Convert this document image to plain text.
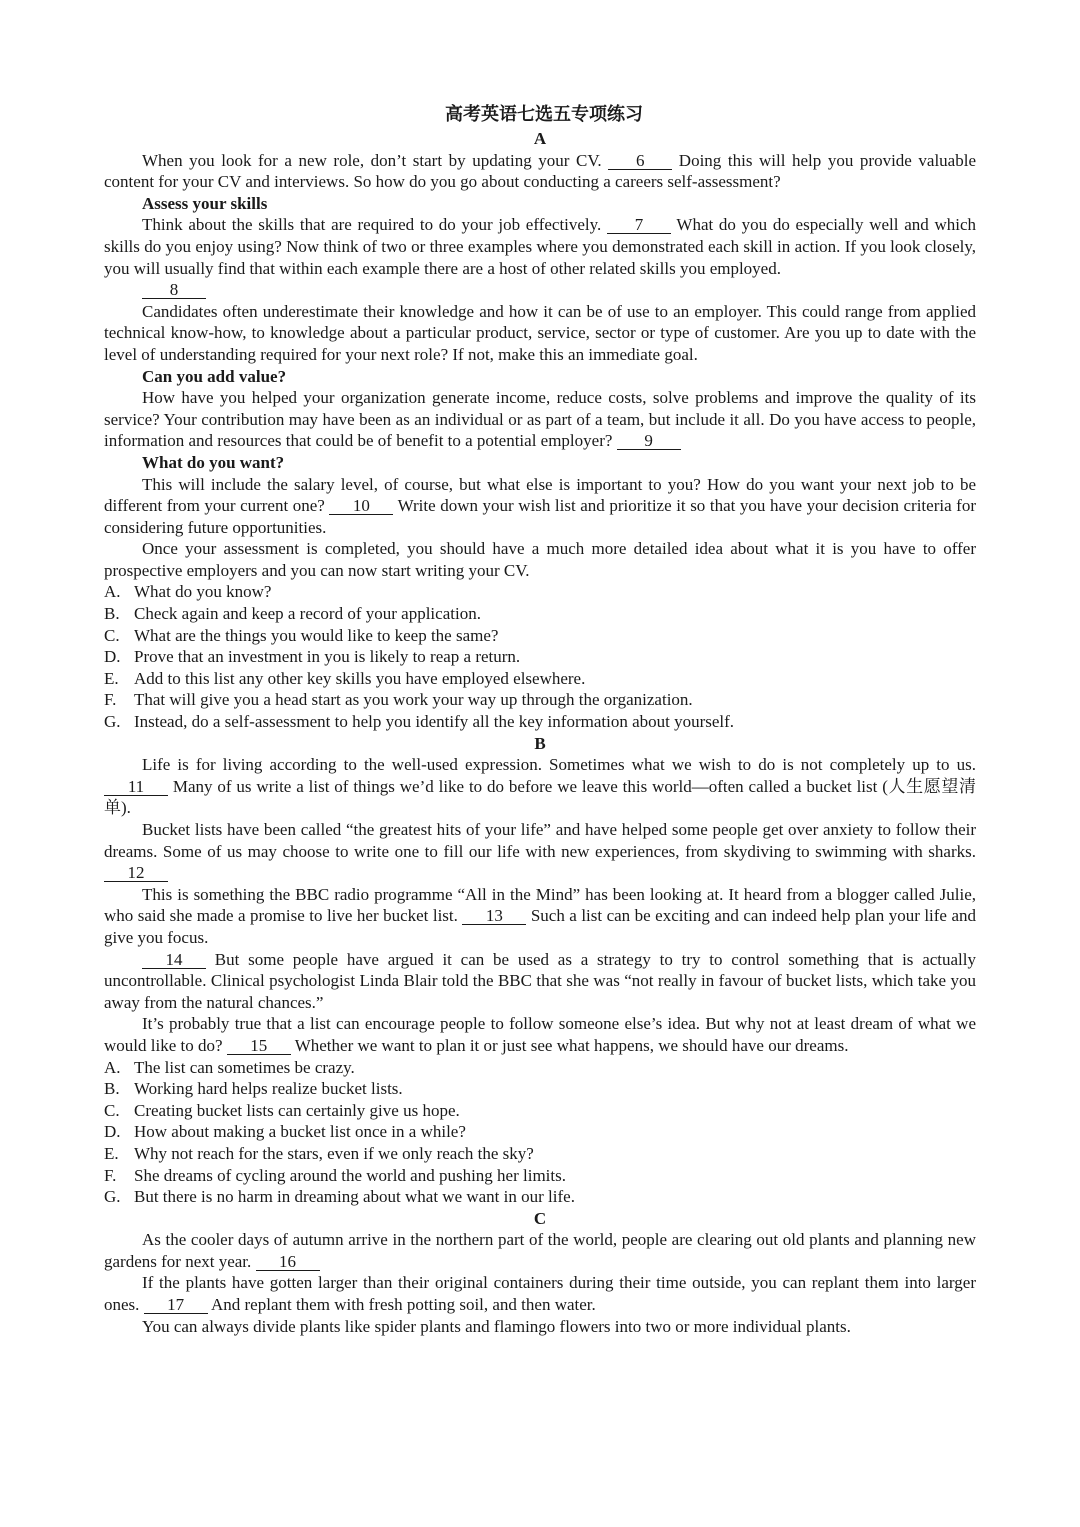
高考英语七选五专项练习
A

When you look for a new role, don’t start by updating your CV. 6 Doing this will help you provide valuable content for your CV and interviews. So how do you go about conducting a careers self-assessment?

Assess your skills

Think about the skills that are required to do your job effectively. 7 What do you do especially well and which skills do you enjoy using? Now think of two or three examples where you demonstrated each skill in action. If you look closely, you will usually find that within each example there are a host of other related skills you employed.

8

Candidates often underestimate their knowledge and how it can be of use to an employer. This could range from applied technical know-how, to knowledge about a particular product, service, sector or type of customer. Are you up to date with the level of understanding required for your next role? If not, make this an immediate goal.

Can you add value?

How have you helped your organization generate income, reduce costs, solve problems and improve the quality of its service? Your contribution may have been as an individual or as part of a team, but include it all. Do you have access to people, information and resources that could be of benefit to a potential employer? 9

What do you want?

This will include the salary level, of course, but what else is important to you? How do you want your next job to be different from your current one? 10 Write down your wish list and prioritize it so that you have your decision criteria for considering future opportunities.

Once your assessment is completed, you should have a much more detailed idea about what it is you have to offer prospective employers and you can now start writing your CV.

A. What do you know?
B. Check again and keep a record of your application.
C. What are the things you would like to keep the same?
D. Prove that an investment in you is likely to reap a return.
E. Add to this list any other key skills you have employed elsewhere.
F. That will give you a head start as you work your way up through the organization.
G. Instead, do a self-assessment to help you identify all the key information about yourself.
B

Life is for living according to the well-used expression. Sometimes what we wish to do is not completely up to us. 11 Many of us write a list of things we’d like to do before we leave this world—often called a bucket list (人生愿望清单).

Bucket lists have been called “the greatest hits of your life” and have helped some people get over anxiety to follow their dreams. Some of us may choose to write one to fill our life with new experiences, from skydiving to swimming with sharks. 12

This is something the BBC radio programme “All in the Mind” has been looking at. It heard from a blogger called Julie, who said she made a promise to live her bucket list. 13 Such a list can be exciting and can indeed help plan your life and give you focus.

14 But some people have argued it can be used as a strategy to try to control something that is actually uncontrollable. Clinical psychologist Linda Blair told the BBC that she was “not really in favour of bucket lists, which take you away from the natural chances.”

It’s probably true that a list can encourage people to follow someone else’s idea. But why not at least dream of what we would like to do? 15 Whether we want to plan it or just see what happens, we should have our dreams.

A. The list can sometimes be crazy.
B. Working hard helps realize bucket lists.
C. Creating bucket lists can certainly give us hope.
D. How about making a bucket list once in a while?
E. Why not reach for the stars, even if we only reach the sky?
F. She dreams of cycling around the world and pushing her limits.
G. But there is no harm in dreaming about what we want in our life.
C

As the cooler days of autumn arrive in the northern part of the world, people are clearing out old plants and planning new gardens for next year. 16

If the plants have gotten larger than their original containers during their time outside, you can replant them into larger ones. 17 And replant them with fresh potting soil, and then water.

You can always divide plants like spider plants and flamingo flowers into two or more individual plants.
